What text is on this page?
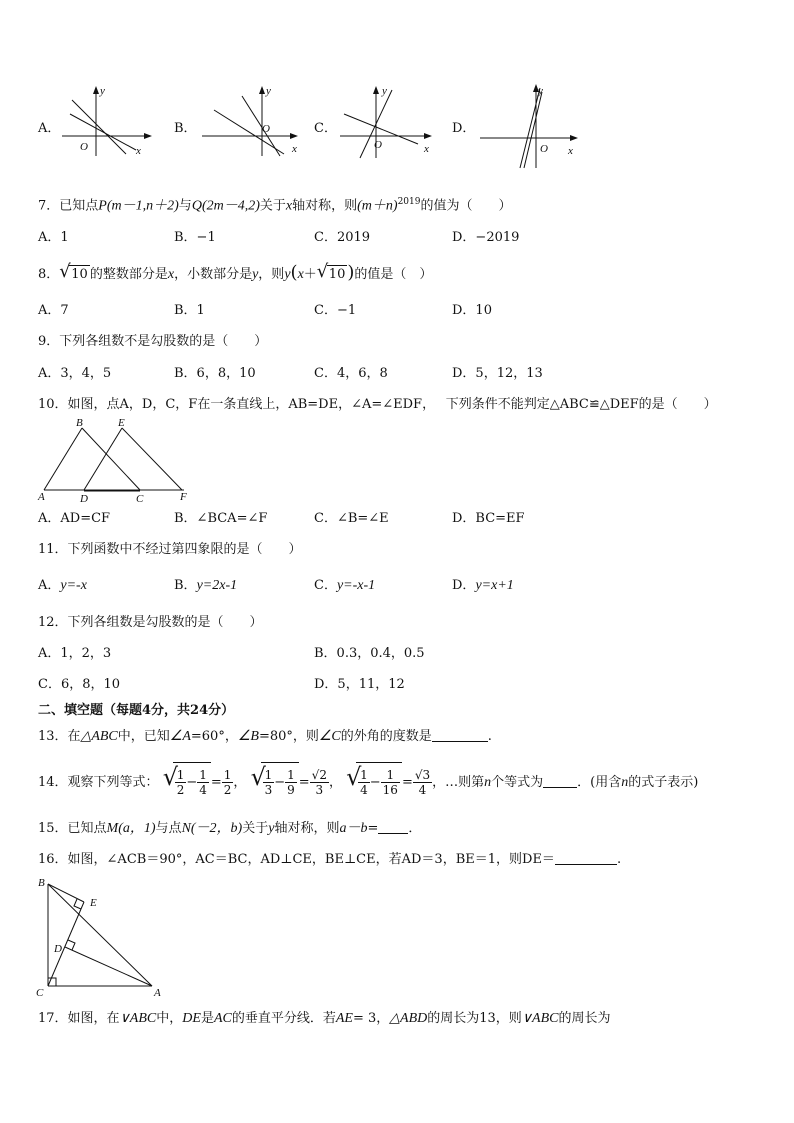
A．
y
x
O
B．
y
x
O	C．
y
x
O
D．
y
x
O
7．已知点P(m－1,n＋2)与Q(2m－4,2)关于x轴对称，则$(m+n)^{2019}$的值为（　　）
A．1	B．−1	C．2019	D．−2019
8． √ 10 的整数部分是x，小数部分是y，则y(x＋ √ 10 )的值是（　）
A．7	B．1	C．−1	D．10
9．下列各组数不是勾股数的是（　　）
A．3，4，5	B．6，8，10	C．4，6，8	D．5，12，13
10．如图，点A，D，C，F在一条直线上，AB=DE，∠A=∠EDF，　 下列条件不能判定△ABC≌△DEF的是（　　）
B	E
A	D	C	F
A．AD=CF	B．∠BCA=∠F	C．∠B=∠E	D．BC=EF
11．下列函数中不经过第四象限的是（　　）
A．y=-x	B．y=2x-1	C．y=-x-1	D．y=x+1
12．下列各组数是勾股数的是（　　）
A．1，2，3	B．0.3，0.4，0.5
C．6，8，10	D．5，11，12
二、填空题（每题4分，共24分）
13．在△ABC中，已知∠A=60°，∠B=80°，则∠C的外角的度数是	.
14．观察下列等式： √
$\frac{1}{2} - \frac{1}{4} = \frac{1}{2}$ ， √
$\frac{1}{3} - \frac{1}{9} = \frac{√2}{3}$ ， √
$\frac{1}{4} - \frac{1}{16} = \frac{√3}{4}$ ，…则第n个等式为	．(用含n的式子表示)
15．已知点M(a，1)与点N(－2，b)关于y轴对称，则a－b= ．
16．如图，∠ACB＝90°，AC＝BC，AD⊥CE，BE⊥CE，若AD＝3，BE＝1，则DE＝	.
B
E
D
C	A
17．如图，在∨ABC中，DE是AC的垂直平分线．若AE= 3，△ABD的周长为13，则∨ABC的周长为
